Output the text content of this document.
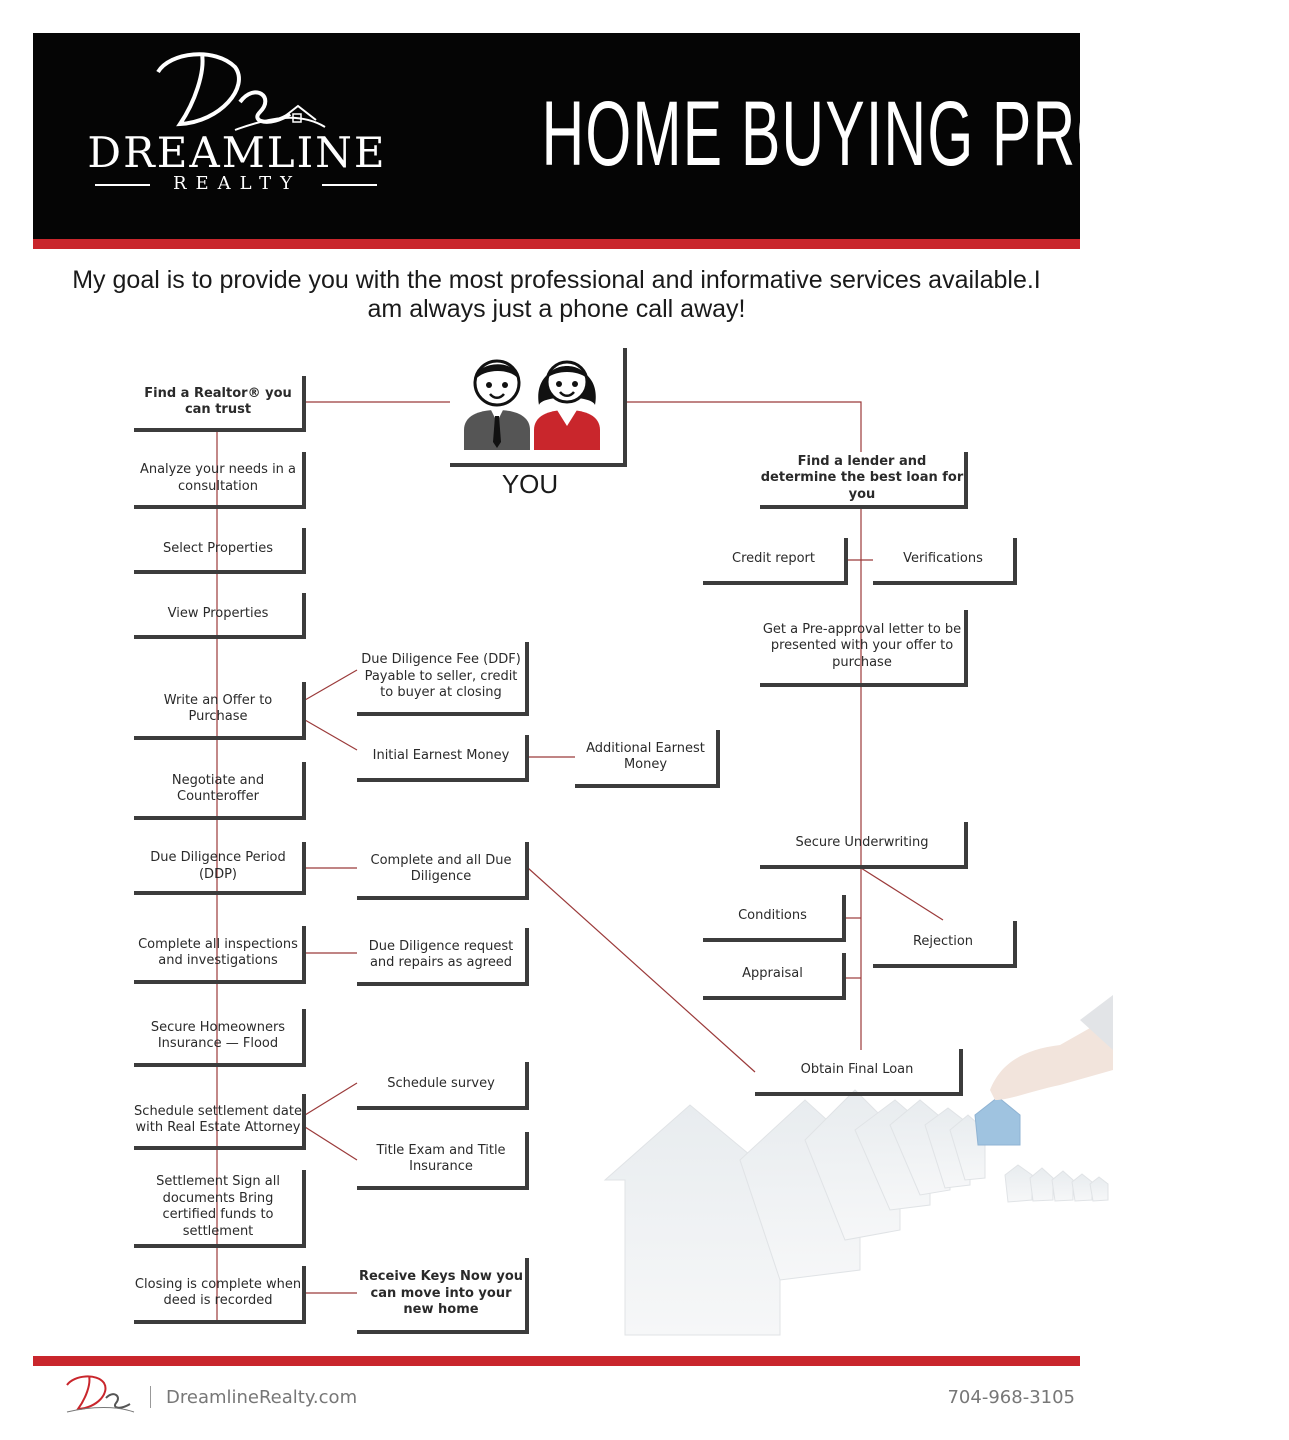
DREAMLINE
REALTY	HOME BUYING PROCESS
My goal is to provide you with the most professional and informative services available.I am always just a phone call away!
YOU
Find a Realtor® you can trust
Analyze your needs in a consultation
Select Properties
View Properties
Write an Offer to Purchase
Negotiate and Counteroffer
Due Diligence Period (DDP)
Complete all inspections and investigations
Secure Homeowners Insurance — Flood
Schedule settlement date with Real Estate Attorney
Settlement Sign all documents Bring certified funds to settlement
Closing is complete when deed is recorded
Due Diligence Fee (DDF) Payable to seller, credit to buyer at closing
Initial Earnest Money
Additional Earnest Money
Complete and all Due Diligence
Due Diligence request and repairs as agreed
Schedule survey
Title Exam and Title Insurance
Receive Keys Now you can move into your new home
Find a lender and determine the best loan for you
Credit report	Verifications
Get a Pre-approval letter to be presented with your offer to purchase
Secure Underwriting
Conditions
Appraisal
Rejection
Obtain Final Loan
DreamlineRealty.com	704-968-3105
